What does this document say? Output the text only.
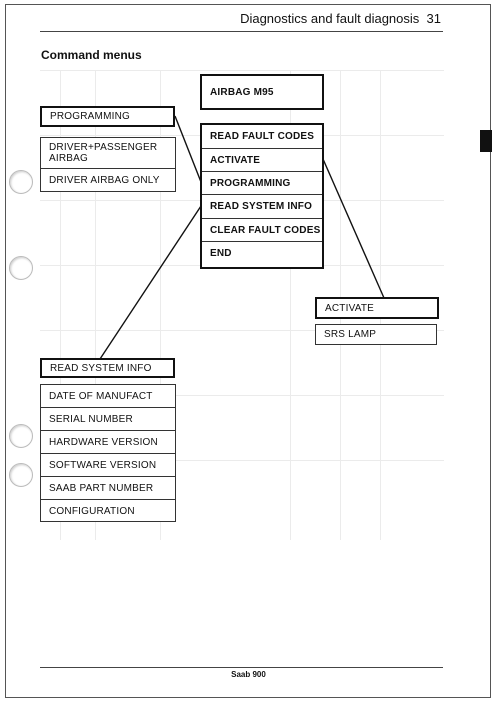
Diagnostics and fault diagnosis 31
Command menus
AIRBAG M95
READ FAULT CODES
ACTIVATE
PROGRAMMING
READ SYSTEM INFO
CLEAR FAULT CODES
END
PROGRAMMING
DRIVER+PASSENGER AIRBAG
DRIVER AIRBAG ONLY
ACTIVATE
SRS LAMP
READ SYSTEM INFO
DATE OF MANUFACT
SERIAL NUMBER
HARDWARE VERSION
SOFTWARE VERSION
SAAB PART NUMBER
CONFIGURATION
Saab 900
